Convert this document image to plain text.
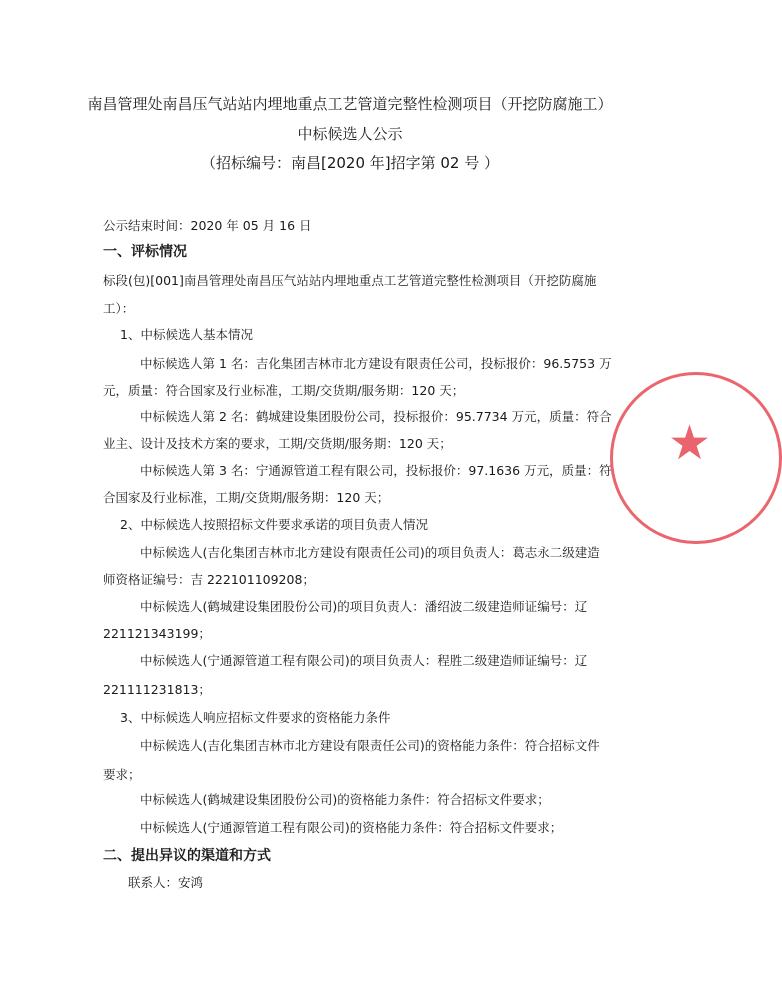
南昌管理处南昌压气站站内埋地重点工艺管道完整性检测项目（开挖防腐施工）
中标候选人公示
（招标编号：南昌[2020 年]招字第 02 号 ）
公示结束时间：2020 年 05 月 16 日
一、评标情况
标段(包)[001]南昌管理处南昌压气站站内埋地重点工艺管道完整性检测项目（开挖防腐施
工）：
1、中标候选人基本情况
中标候选人第 1 名：吉化集团吉林市北方建设有限责任公司，投标报价：96.5753 万
元，质量：符合国家及行业标准，工期/交货期/服务期：120 天；
中标候选人第 2 名：鹤城建设集团股份公司，投标报价：95.7734 万元，质量：符合
业主、设计及技术方案的要求，工期/交货期/服务期：120 天；
中标候选人第 3 名：宁通源管道工程有限公司，投标报价：97.1636 万元，质量：符
合国家及行业标准，工期/交货期/服务期：120 天；
2、中标候选人按照招标文件要求承诺的项目负责人情况
中标候选人(吉化集团吉林市北方建设有限责任公司)的项目负责人：葛志永二级建造
师资格证编号：吉 222101109208；
中标候选人(鹤城建设集团股份公司)的项目负责人：潘绍波二级建造师证编号：辽
221121343199；
中标候选人(宁通源管道工程有限公司)的项目负责人：程胜二级建造师证编号：辽
221111231813；
3、中标候选人响应招标文件要求的资格能力条件
中标候选人(吉化集团吉林市北方建设有限责任公司)的资格能力条件：符合招标文件
要求；
中标候选人(鹤城建设集团股份公司)的资格能力条件：符合招标文件要求；
中标候选人(宁通源管道工程有限公司)的资格能力条件：符合招标文件要求；
二、提出异议的渠道和方式
联系人：安鸿
★
